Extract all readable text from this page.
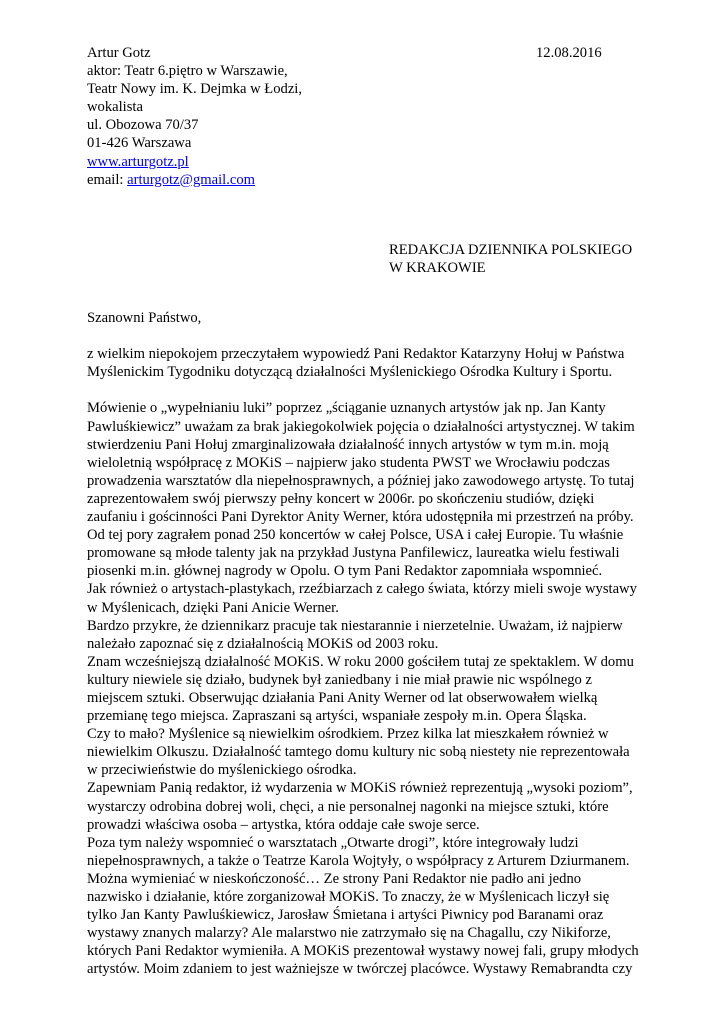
Artur Gotz
aktor: Teatr 6.piętro w Warszawie,
Teatr Nowy im. K. Dejmka w Łodzi,
wokalista
ul. Obozowa 70/37
01-426 Warszawa
www.arturgotz.pl
email: arturgotz@gmail.com
12.08.2016
REDAKCJA DZIENNIKA POLSKIEGO
W KRAKOWIE

Szanowni Państwo,

z wielkim niepokojem przeczytałem wypowiedź Pani Redaktor Katarzyny Hołuj w Państwa

Myślenickim Tygodniku dotyczącą działalności Myślenickiego Ośrodka Kultury i Sportu.

Mówienie o „wypełnianiu luki” poprzez „ściąganie uznanych artystów jak np. Jan Kanty

Pawluśkiewicz” uważam za brak jakiegokolwiek pojęcia o działalności artystycznej. W takim

stwierdzeniu Pani Hołuj zmarginalizowała działalność innych artystów w tym m.in. moją

wieloletnią współpracę z MOKiS – najpierw jako studenta PWST we Wrocławiu podczas

prowadzenia warsztatów dla niepełnosprawnych, a później jako zawodowego artystę. To tutaj

zaprezentowałem swój pierwszy pełny koncert w 2006r. po skończeniu studiów, dzięki

zaufaniu i gościnności Pani Dyrektor Anity Werner, która udostępniła mi przestrzeń na próby.

Od tej pory zagrałem ponad 250 koncertów w całej Polsce, USA i całej Europie. Tu właśnie

promowane są młode talenty jak na przykład Justyna Panfilewicz, laureatka wielu festiwali

piosenki m.in. głównej nagrody w Opolu. O tym Pani Redaktor zapomniała wspomnieć.

Jak również o artystach-plastykach, rzeźbiarzach z całego świata, którzy mieli swoje wystawy

w Myślenicach, dzięki Pani Anicie Werner.

Bardzo przykre, że dziennikarz pracuje tak niestarannie i nierzetelnie. Uważam, iż najpierw

należało zapoznać się z działalnością MOKiS od 2003 roku.

Znam wcześniejszą działalność MOKiS. W roku 2000 gościłem tutaj ze spektaklem. W domu

kultury niewiele się działo, budynek był zaniedbany i nie miał prawie nic wspólnego z

miejscem sztuki. Obserwując działania Pani Anity Werner od lat obserwowałem wielką

przemianę tego miejsca. Zapraszani są artyści, wspaniałe zespoły m.in. Opera Śląska.

Czy to mało? Myślenice są niewielkim ośrodkiem. Przez kilka lat mieszkałem również w

niewielkim Olkuszu. Działalność tamtego domu kultury nic sobą niestety nie reprezentowała

w przeciwieństwie do myślenickiego ośrodka.

Zapewniam Panią redaktor, iż wydarzenia w MOKiS również reprezentują „wysoki poziom”,

wystarczy odrobina dobrej woli, chęci, a nie personalnej nagonki na miejsce sztuki, które

prowadzi właściwa osoba – artystka, która oddaje całe swoje serce.

Poza tym należy wspomnieć o warsztatach „Otwarte drogi”, które integrowały ludzi

niepełnosprawnych, a także o Teatrze Karola Wojtyły, o współpracy z Arturem Dziurmanem.

Można wymieniać w nieskończoność… Ze strony Pani Redaktor nie padło ani jedno

nazwisko i działanie, które zorganizował MOKiS. To znaczy, że w Myślenicach liczył się

tylko Jan Kanty Pawluśkiewicz, Jarosław Śmietana i artyści Piwnicy pod Baranami oraz

wystawy znanych malarzy? Ale malarstwo nie zatrzymało się na Chagallu, czy Nikiforze,

których Pani Redaktor wymieniła. A MOKiS prezentował wystawy nowej fali, grupy młodych

artystów. Moim zdaniem to jest ważniejsze w twórczej placówce. Wystawy Remabrandta czy
